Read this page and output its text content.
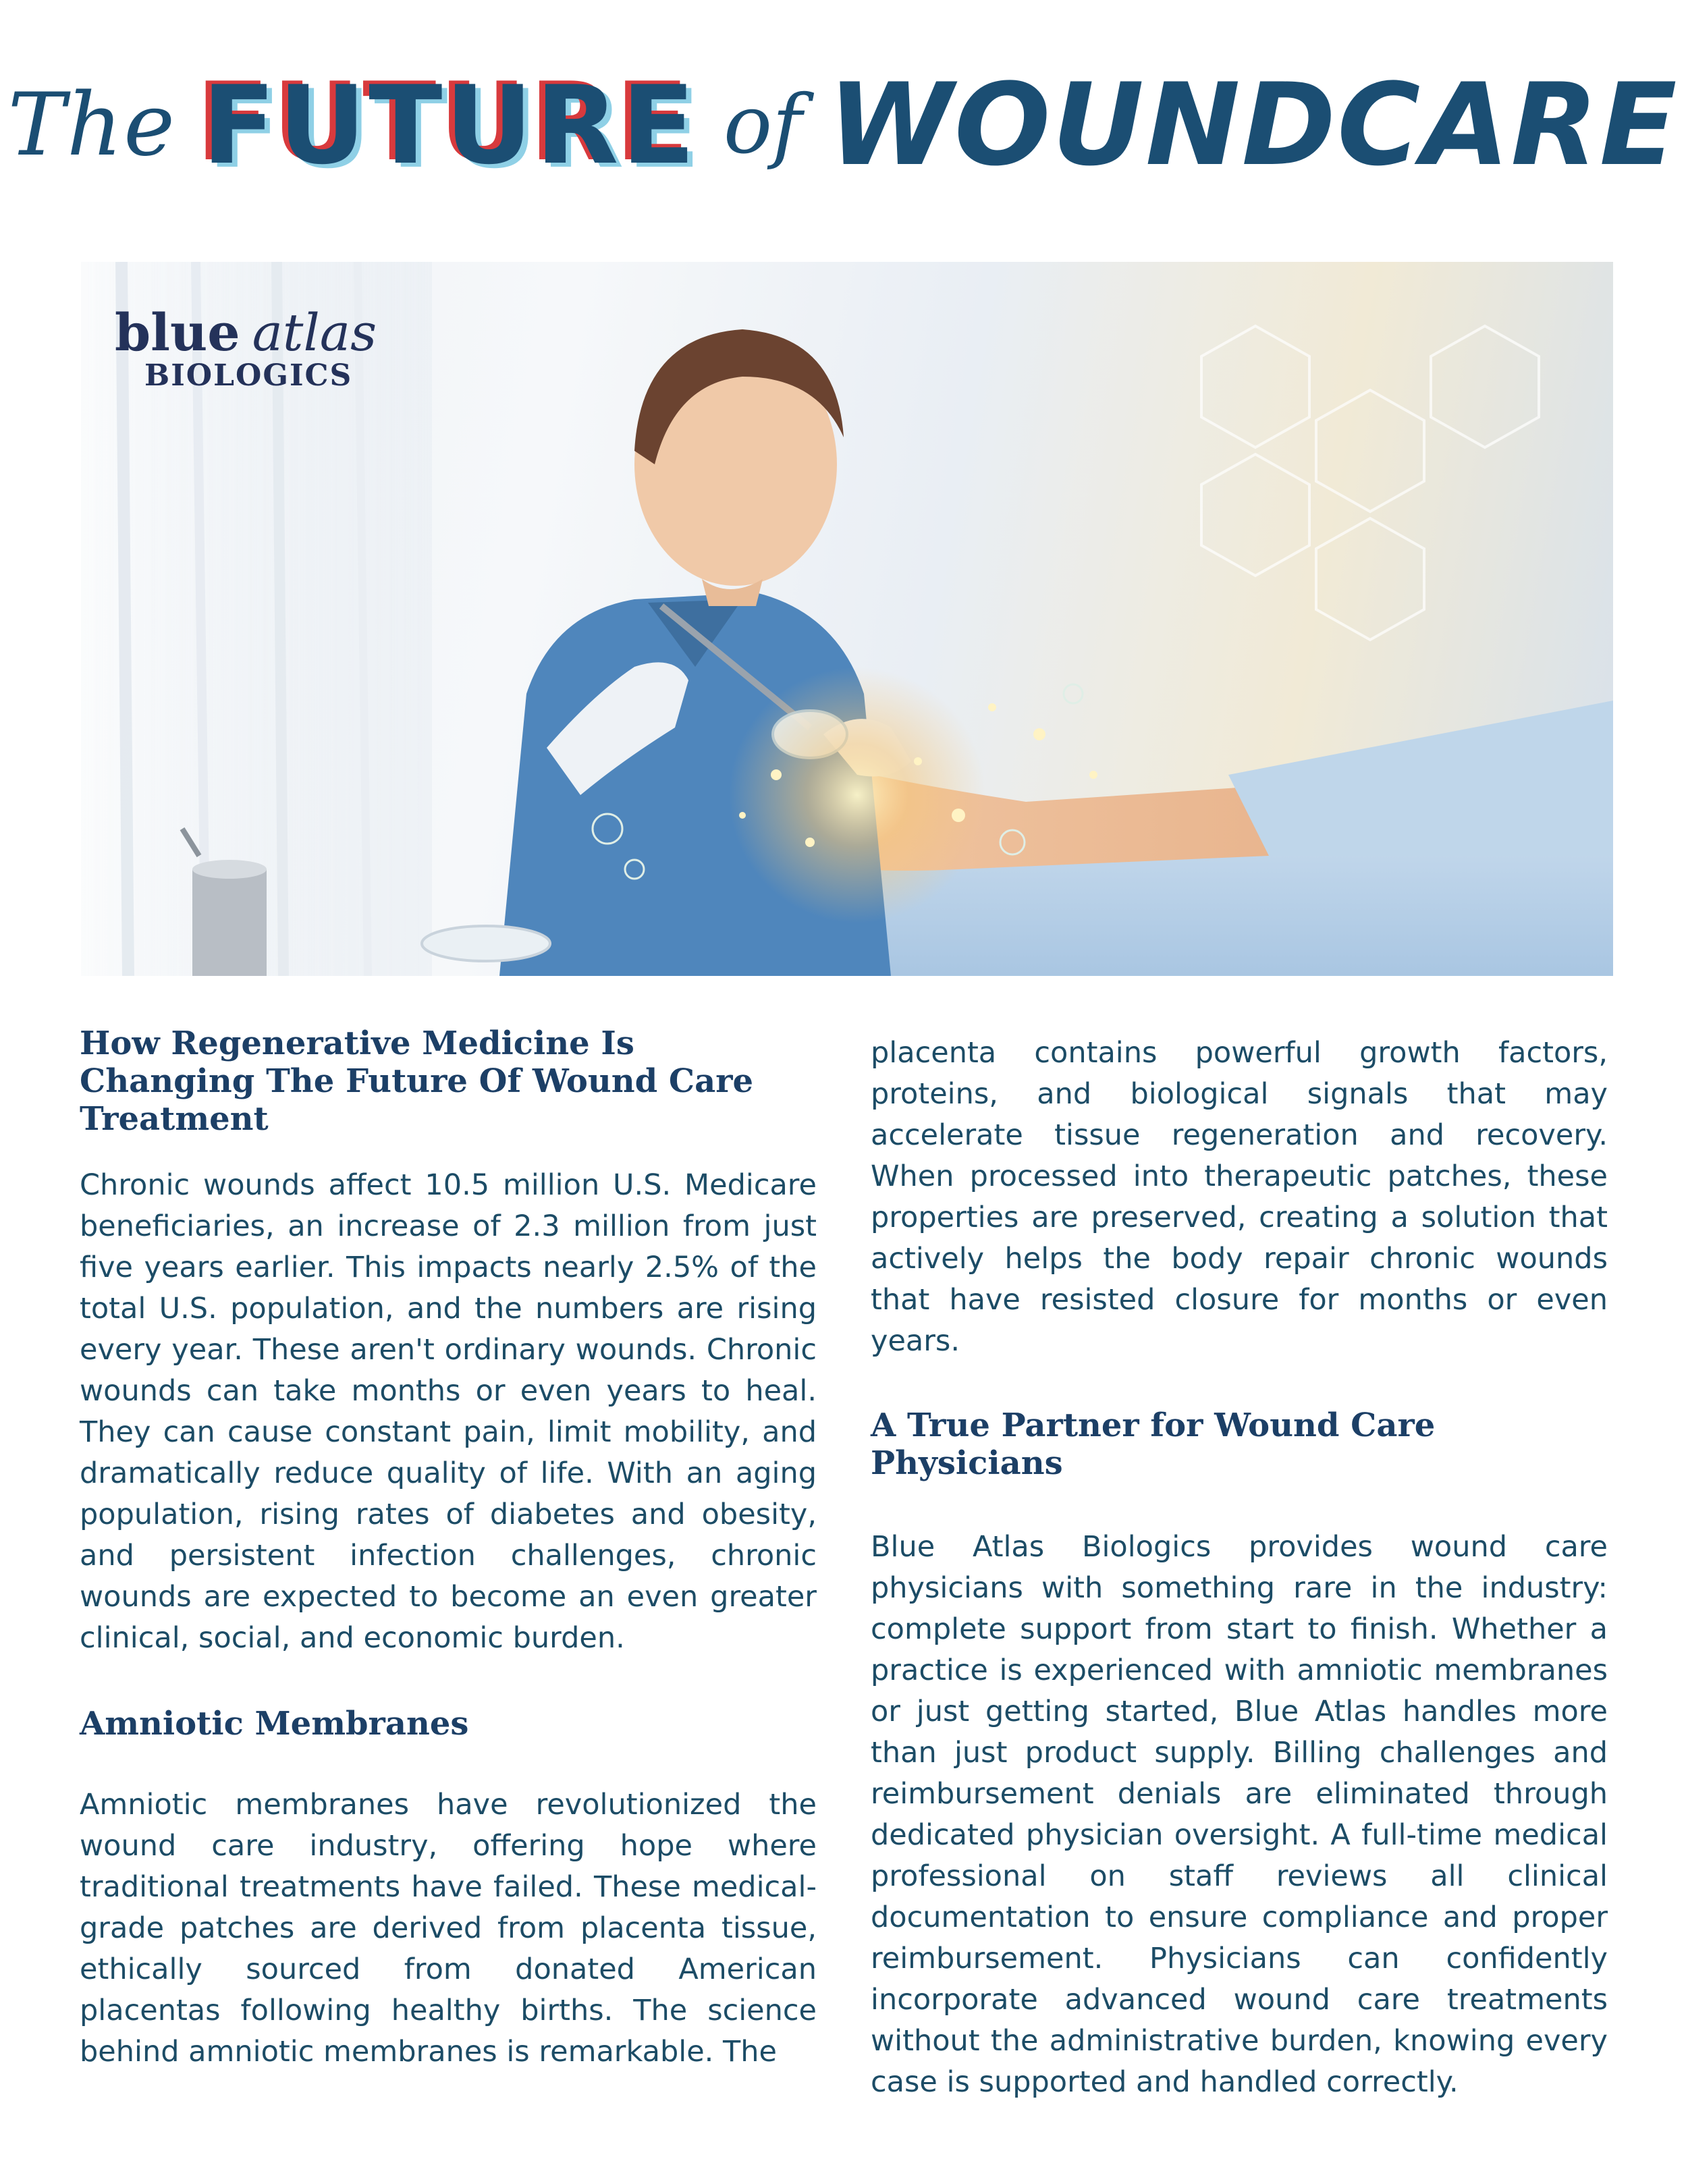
The FUTURE of WOUNDCARE
blue atlas
BIOLOGICS
How Regenerative Medicine Is Changing The Future Of Wound Care Treatment

Chronic wounds affect 10.5 million U.S. Medicare beneficiaries, an increase of 2.3 million from just five years earlier. This impacts nearly 2.5% of the total U.S. population, and the numbers are rising every year. These aren't ordinary wounds. Chronic wounds can take months or even years to heal. They can cause constant pain, limit mobility, and dramatically reduce quality of life. With an aging population, rising rates of diabetes and obesity, and persistent infection challenges, chronic wounds are expected to become an even greater clinical, social, and economic burden.

Amniotic Membranes

Amniotic membranes have revolutionized the wound care industry, offering hope where traditional treatments have failed. These medical-grade patches are derived from placenta tissue, ethically sourced from donated American placentas following healthy births. The science behind amniotic membranes is remarkable. The

placenta contains powerful growth factors, proteins, and biological signals that may accelerate tissue regeneration and recovery. When processed into therapeutic patches, these properties are preserved, creating a solution that actively helps the body repair chronic wounds that have resisted closure for months or even years.

A True Partner for Wound Care Physicians

Blue Atlas Biologics provides wound care physicians with something rare in the industry: complete support from start to finish. Whether a practice is experienced with amniotic membranes or just getting started, Blue Atlas handles more than just product supply. Billing challenges and reimbursement denials are eliminated through dedicated physician oversight. A full-time medical professional on staff reviews all clinical documentation to ensure compliance and proper reimbursement. Physicians can confidently incorporate advanced wound care treatments without the administrative burden, knowing every case is supported and handled correctly.
